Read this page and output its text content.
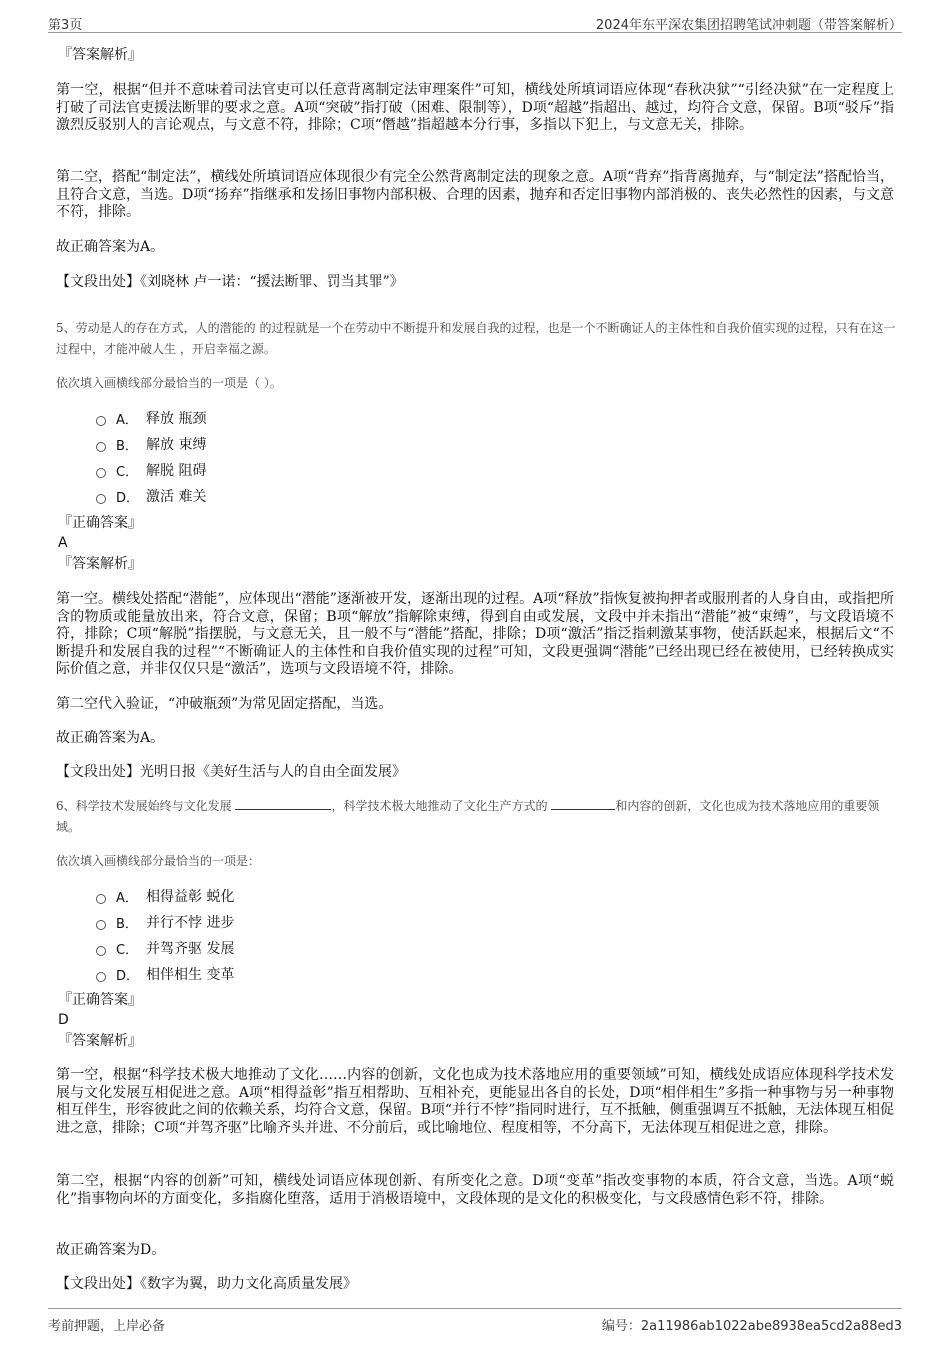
第3页	2024年东平深农集团招聘笔试冲刺题（带答案解析）
『答案解析』
第一空，根据“但并不意味着司法官吏可以任意背离制定法审理案件”可知，横线处所填词语应体现“春秋决狱”“引经决狱”在一定程度上打破了司法官吏援法断罪的要求之意。A项“突破”指打破（困难、限制等），D项“超越”指超出、越过，均符合文意，保留。B项“驳斥”指激烈反驳别人的言论观点，与文意不符，排除；C项“僭越”指超越本分行事，多指以下犯上，与文意无关，排除。
第二空，搭配“制定法”，横线处所填词语应体现很少有完全公然背离制定法的现象之意。A项“背弃”指背离抛弃，与“制定法”搭配恰当，且符合文意，当选。D项“扬弃”指继承和发扬旧事物内部积极、合理的因素，抛弃和否定旧事物内部消极的、丧失必然性的因素，与文意不符，排除。
故正确答案为A。
【文段出处】《刘晓林 卢一诺：“援法断罪、罚当其罪”》
5、劳动是人的存在方式，人的潜能的 的过程就是一个在劳动中不断提升和发展自我的过程，也是一个不断确证人的主体性和自我价值实现的过程，只有在这一过程中，才能冲破人生 ，开启幸福之源。
依次填入画横线部分最恰当的一项是（ ）。
A． 释放 瓶颈
B． 解放 束缚
C． 解脱 阻碍
D． 激活 难关
『正确答案』
A
『答案解析』
第一空。横线处搭配“潜能”，应体现出“潜能”逐渐被开发，逐渐出现的过程。A项“释放”指恢复被拘押者或服刑者的人身自由，或指把所含的物质或能量放出来，符合文意，保留；B项“解放”指解除束缚，得到自由或发展，文段中并未指出“潜能”被“束缚”，与文段语境不符，排除；C项“解脱”指摆脱，与文意无关，且一般不与“潜能”搭配，排除；D项“激活”指泛指刺激某事物，使活跃起来，根据后文“不断提升和发展自我的过程”“不断确证人的主体性和自我价值实现的过程”可知，文段更强调“潜能”已经出现已经在被使用，已经转换成实际价值之意，并非仅仅只是“激活”，选项与文段语境不符，排除。
第二空代入验证，“冲破瓶颈”为常见固定搭配，当选。
故正确答案为A。
【文段出处】光明日报《美好生活与人的自由全面发展》
6、科学技术发展始终与文化发展	，科学技术极大地推动了文化生产方式的	和内容的创新，文化也成为技术落地应用的重要领域。
依次填入画横线部分最恰当的一项是：
A． 相得益彰 蜕化
B． 并行不悖 进步
C． 并驾齐驱 发展
D． 相伴相生 变革
『正确答案』
D
『答案解析』
第一空，根据“科学技术极大地推动了文化……内容的创新，文化也成为技术落地应用的重要领域”可知，横线处成语应体现科学技术发展与文化发展互相促进之意。A项“相得益彰”指互相帮助、互相补充，更能显出各自的长处，D项“相伴相生”多指一种事物与另一种事物相互伴生，形容彼此之间的依赖关系，均符合文意，保留。B项“并行不悖”指同时进行，互不抵触，侧重强调互不抵触，无法体现互相促进之意，排除；C项“并驾齐驱”比喻齐头并进、不分前后，或比喻地位、程度相等，不分高下，无法体现互相促进之意，排除。
第二空，根据“内容的创新”可知，横线处词语应体现创新、有所变化之意。D项“变革”指改变事物的本质，符合文意，当选。A项“蜕化”指事物向坏的方面变化，多指腐化堕落，适用于消极语境中，文段体现的是文化的积极变化，与文段感情色彩不符，排除。
故正确答案为D。
【文段出处】《数字为翼，助力文化高质量发展》
考前押题，上岸必备	编号：2a11986ab1022abe8938ea5cd2a88ed3
